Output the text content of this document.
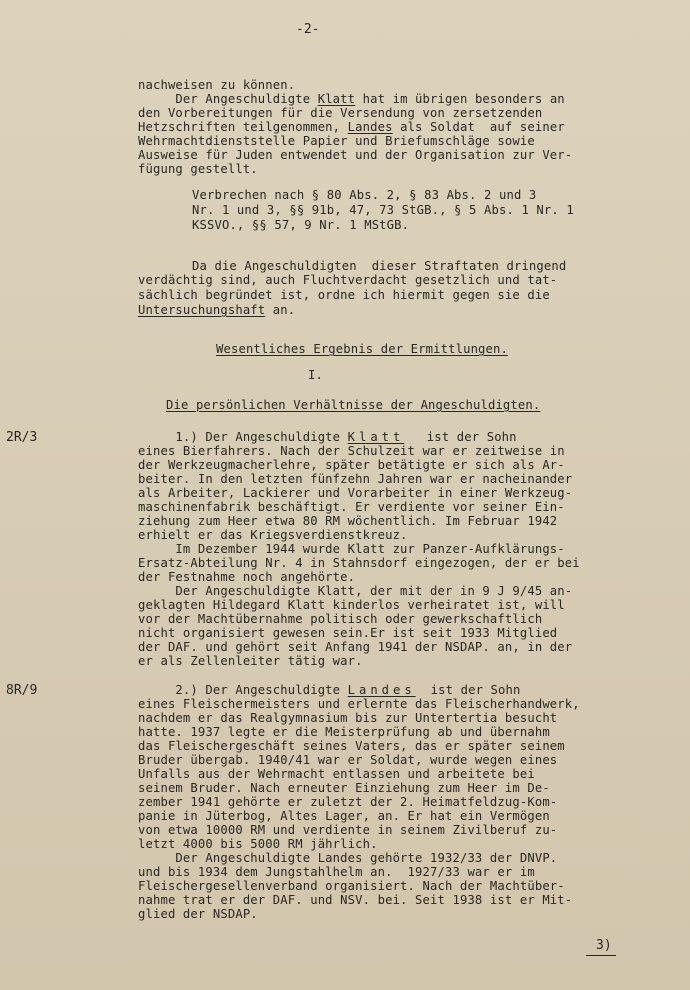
-2-
nachweisen zu können.
Der Angeschuldigte Klatt hat im übrigen besonders an
den Vorbereitungen für die Versendung von zersetzenden
Hetzschriften teilgenommen, Landes als Soldat  auf seiner
Wehrmachtdienststelle Papier und Briefumschläge sowie
Ausweise für Juden entwendet und der Organisation zur Ver-
fügung gestellt.
Verbrechen nach § 80 Abs. 2, § 83 Abs. 2 und 3
Nr. 1 und 3, §§ 91b, 47, 73 StGB., § 5 Abs. 1 Nr. 1
KSSVO., §§ 57, 9 Nr. 1 MStGB.
Da die Angeschuldigten  dieser Straftaten dringend
verdächtig sind, auch Fluchtverdacht gesetzlich und tat-
sächlich begründet ist, ordne ich hiermit gegen sie die
Untersuchungshaft an.
Wesentliches Ergebnis der Ermittlungen.
I.
Die persönlichen Verhältnisse der Angeschuldigten.
2R/3
8R/9
1.) Der Angeschuldigte Klatt   ist der Sohn
eines Bierfahrers. Nach der Schulzeit war er zeitweise in
der Werkzeugmacherlehre, später betätigte er sich als Ar-
beiter. In den letzten fünfzehn Jahren war er nacheinander
als Arbeiter, Lackierer und Vorarbeiter in einer Werkzeug-
maschinenfabrik beschäftigt. Er verdiente vor seiner Ein-
ziehung zum Heer etwa 80 RM wöchentlich. Im Februar 1942
erhielt er das Kriegsverdienstkreuz.
Im Dezember 1944 wurde Klatt zur Panzer-Aufklärungs-
Ersatz-Abteilung Nr. 4 in Stahnsdorf eingezogen, der er bei
der Festnahme noch angehörte.
Der Angeschuldigte Klatt, der mit der in 9 J 9/45 an-
geklagten Hildegard Klatt kinderlos verheiratet ist, will
vor der Machtübernahme politisch oder gewerkschaftlich
nicht organisiert gewesen sein.Er ist seit 1933 Mitglied
der DAF. und gehört seit Anfang 1941 der NSDAP. an, in der
er als Zellenleiter tätig war.
2.) Der Angeschuldigte Landes  ist der Sohn
eines Fleischermeisters und erlernte das Fleischerhandwerk,
nachdem er das Realgymnasium bis zur Untertertia besucht
hatte. 1937 legte er die Meisterprüfung ab und übernahm
das Fleischergeschäft seines Vaters, das er später seinem
Bruder übergab. 1940/41 war er Soldat, wurde wegen eines
Unfalls aus der Wehrmacht entlassen und arbeitete bei
seinem Bruder. Nach erneuter Einziehung zum Heer im De-
zember 1941 gehörte er zuletzt der 2. Heimatfeldzug-Kom-
panie in Jüterbog, Altes Lager, an. Er hat ein Vermögen
von etwa 10000 RM und verdiente in seinem Zivilberuf zu-
letzt 4000 bis 5000 RM jährlich.
Der Angeschuldigte Landes gehörte 1932/33 der DNVP.
und bis 1934 dem Jungstahlhelm an.  1927/33 war er im
Fleischergesellenverband organisiert. Nach der Machtüber-
nahme trat er der DAF. und NSV. bei. Seit 1938 ist er Mit-
glied der NSDAP.
3)
